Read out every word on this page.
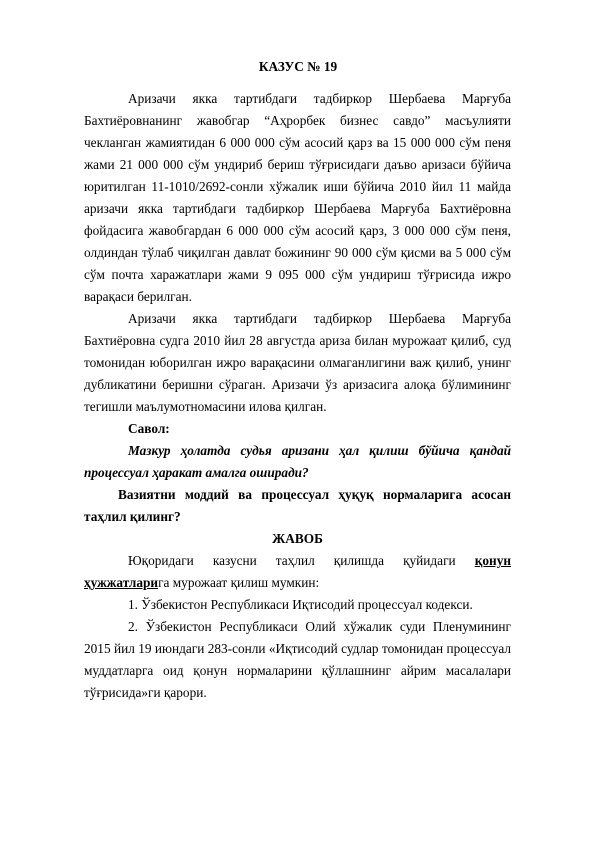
КАЗУС № 19

Аризачи якка тартибдаги тадбиркор Шербаева Марғуба Бахтиёровнанинг жавобгар “Аҳрорбек бизнес савдо” масъулияти чекланган жамиятидан 6 000 000 сўм асосий қарз ва 15 000 000 сўм пеня жами 21 000 000 сўм ундириб бериш тўғрисидаги даъво аризаси бўйича юритилган 11-1010/2692-сонли хўжалик иши бўйича 2010 йил 11 майда аризачи якка тартибдаги тадбиркор Шербаева Марғуба Бахтиёровна фойдасига жавобгардан 6 000 000 сўм асосий қарз, 3 000 000 сўм пеня, олдиндан тўлаб чиқилган давлат божининг 90 000 сўм қисми ва 5 000 сўм сўм почта харажатлари жами 9 095 000 сўм ундириш тўғрисида ижро варақаси берилган.

Аризачи якка тартибдаги тадбиркор Шербаева Марғуба Бахтиёровна судга 2010 йил 28 августда ариза билан мурожаат қилиб, суд томонидан юборилган ижро варақасини олмаганлигини важ қилиб, унинг дубликатини беришни сўраган. Аризачи ўз аризасига алоқа бўлимининг тегишли маълумотномасини илова қилган.

Савол:

Мазкур ҳолатда судья аризани ҳал қилиш бўйича қандай процессуал ҳаракат амалга оширади?

Вазиятни моддий ва процессуал ҳуқуқ нормаларига асосан таҳлил қилинг?

ЖАВОБ

Юқоридаги казусни таҳлил қилишда қуйидаги қонун ҳужжатларига мурожаат қилиш мумкин:

1. Ўзбекистон Республикаси Иқтисодий процессуал кодекси.

2. Ўзбекистон Республикаси Олий хўжалик суди Пленумининг 2015 йил 19 июндаги 283-сонли «Иқтисодий судлар томонидан процессуал муддатларга оид қонун нормаларини қўллашнинг айрим масалалари тўғрисида»ги қарори.
